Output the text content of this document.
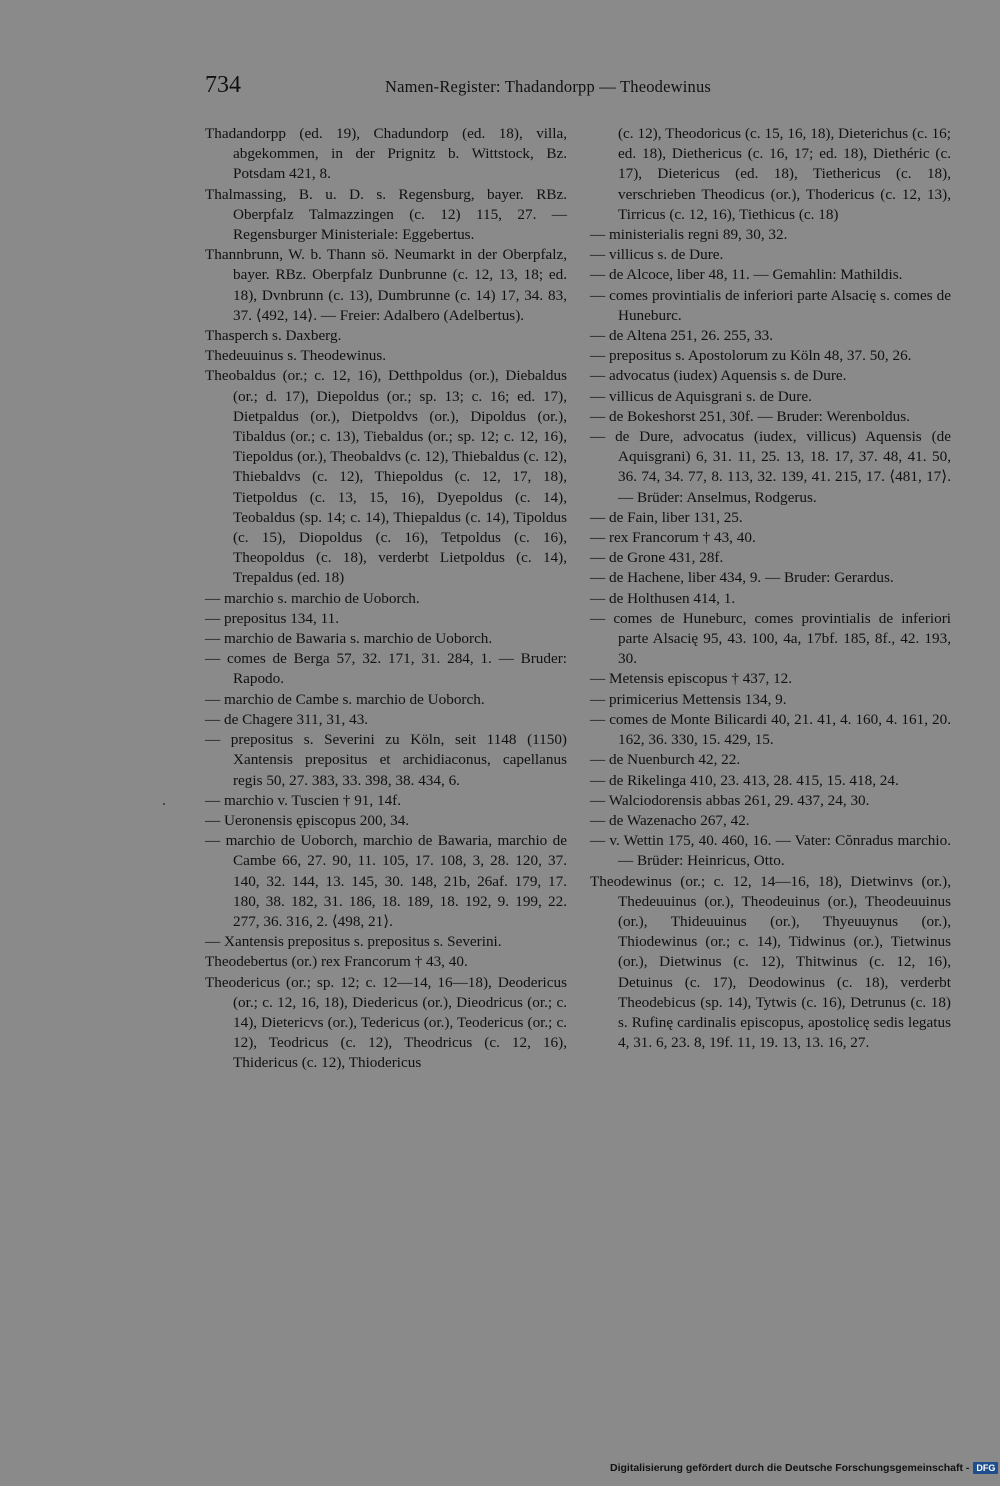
734	Namen-Register: Thadandorpp — Theodewinus

Thadandorpp (ed. 19), Chadundorp (ed. 18), villa, abgekommen, in der Prignitz b. Wittstock, Bz. Potsdam 421, 8.

Thalmassing, B. u. D. s. Regensburg, bayer. RBz. Oberpfalz Talmazzingen (c. 12) 115, 27. — Regensburger Ministeriale: Eggebertus.

Thannbrunn, W. b. Thann sö. Neumarkt in der Oberpfalz, bayer. RBz. Oberpfalz Dunbrunne (c. 12, 13, 18; ed. 18), Dvnbrunn (c. 13), Dumbrunne (c. 14) 17, 34. 83, 37. ⟨492, 14⟩. — Freier: Adalbero (Adelbertus).

Thasperch s. Daxberg.

Thedeuuinus s. Theodewinus.

Theobaldus (or.; c. 12, 16), Detthpoldus (or.), Diebaldus (or.; d. 17), Diepoldus (or.; sp. 13; c. 16; ed. 17), Dietpaldus (or.), Dietpoldvs (or.), Dipoldus (or.), Tibaldus (or.; c. 13), Tiebaldus (or.; sp. 12; c. 12, 16), Tiepoldus (or.), Theobaldvs (c. 12), Thiebaldus (c. 12), Thiebaldvs (c. 12), Thiepoldus (c. 12, 17, 18), Tietpoldus (c. 13, 15, 16), Dyepoldus (c. 14), Teobaldus (sp. 14; c. 14), Thiepaldus (c. 14), Tipoldus (c. 15), Diopoldus (c. 16), Tetpoldus (c. 16), Theopoldus (c. 18), verderbt Lietpoldus (c. 14), Trepaldus (ed. 18)

— marchio s. marchio de Uoborch.

— prepositus 134, 11.

— marchio de Bawaria s. marchio de Uoborch.

— comes de Berga 57, 32. 171, 31. 284, 1. — Bruder: Rapodo.

— marchio de Cambe s. marchio de Uoborch.

— de Chagere 311, 31, 43.

— prepositus s. Severini zu Köln, seit 1148 (1150) Xantensis prepositus et archidiaconus, capellanus regis 50, 27. 383, 33. 398, 38. 434, 6.

— marchio v. Tuscien † 91, 14f.

— Ueronensis ępiscopus 200, 34.

— marchio de Uoborch, marchio de Bawaria, marchio de Cambe 66, 27. 90, 11. 105, 17. 108, 3, 28. 120, 37. 140, 32. 144, 13. 145, 30. 148, 21b, 26af. 179, 17. 180, 38. 182, 31. 186, 18. 189, 18. 192, 9. 199, 22. 277, 36. 316, 2. ⟨498, 21⟩.

— Xantensis prepositus s. prepositus s. Severini.

Theodebertus (or.) rex Francorum † 43, 40.

Theodericus (or.; sp. 12; c. 12—14, 16—18), Deodericus (or.; c. 12, 16, 18), Diedericus (or.), Dieodricus (or.; c. 14), Dietericvs (or.), Tedericus (or.), Teodericus (or.; c. 12), Teodricus (c. 12), Theodricus (c. 12, 16), Thidericus (c. 12), Thiodericus

(c. 12), Theodoricus (c. 15, 16, 18), Dieterichus (c. 16; ed. 18), Diethericus (c. 16, 17; ed. 18), Diethéric (c. 17), Dietericus (ed. 18), Tiethericus (c. 18), verschrieben Theodicus (or.), Thodericus (c. 12, 13), Tirricus (c. 12, 16), Tiethicus (c. 18)

— ministerialis regni 89, 30, 32.

— villicus s. de Dure.

— de Alcoce, liber 48, 11. — Gemahlin: Mathildis.

— comes provintialis de inferiori parte Alsacię s. comes de Huneburc.

— de Altena 251, 26. 255, 33.

— prepositus s. Apostolorum zu Köln 48, 37. 50, 26.

— advocatus (iudex) Aquensis s. de Dure.

— villicus de Aquisgrani s. de Dure.

— de Bokeshorst 251, 30f. — Bruder: Werenboldus.

— de Dure, advocatus (iudex, villicus) Aquensis (de Aquisgrani) 6, 31. 11, 25. 13, 18. 17, 37. 48, 41. 50, 36. 74, 34. 77, 8. 113, 32. 139, 41. 215, 17. ⟨481, 17⟩. — Brüder: Anselmus, Rodgerus.

— de Fain, liber 131, 25.

— rex Francorum † 43, 40.

— de Grone 431, 28f.

— de Hachene, liber 434, 9. — Bruder: Gerardus.

— de Holthusen 414, 1.

— comes de Huneburc, comes provintialis de inferiori parte Alsacię 95, 43. 100, 4a, 17bf. 185, 8f., 42. 193, 30.

— Metensis episcopus † 437, 12.

— primicerius Mettensis 134, 9.

— comes de Monte Bilicardi 40, 21. 41, 4. 160, 4. 161, 20. 162, 36. 330, 15. 429, 15.

— de Nuenburch 42, 22.

— de Rikelinga 410, 23. 413, 28. 415, 15. 418, 24.

— Walciodorensis abbas 261, 29. 437, 24, 30.

— de Wazenacho 267, 42.

— v. Wettin 175, 40. 460, 16. — Vater: Cŏnradus marchio. — Brüder: Heinricus, Otto.

Theodewinus (or.; c. 12, 14—16, 18), Dietwinvs (or.), Thedeuuinus (or.), Theodeuinus (or.), Theodeuuinus (or.), Thideuuinus (or.), Thyeuuynus (or.), Thiodewinus (or.; c. 14), Tidwinus (or.), Tietwinus (or.), Dietwinus (c. 12), Thitwinus (c. 12, 16), Detuinus (c. 17), Deodowinus (c. 18), verderbt Theodebicus (sp. 14), Tytwis (c. 16), Detrunus (c. 18) s. Rufinę cardinalis episcopus, apostolicę sedis legatus 4, 31. 6, 23. 8, 19f. 11, 19. 13, 13. 16, 27.

Digitalisierung gefördert durch die Deutsche Forschungsgemeinschaft - DFG
